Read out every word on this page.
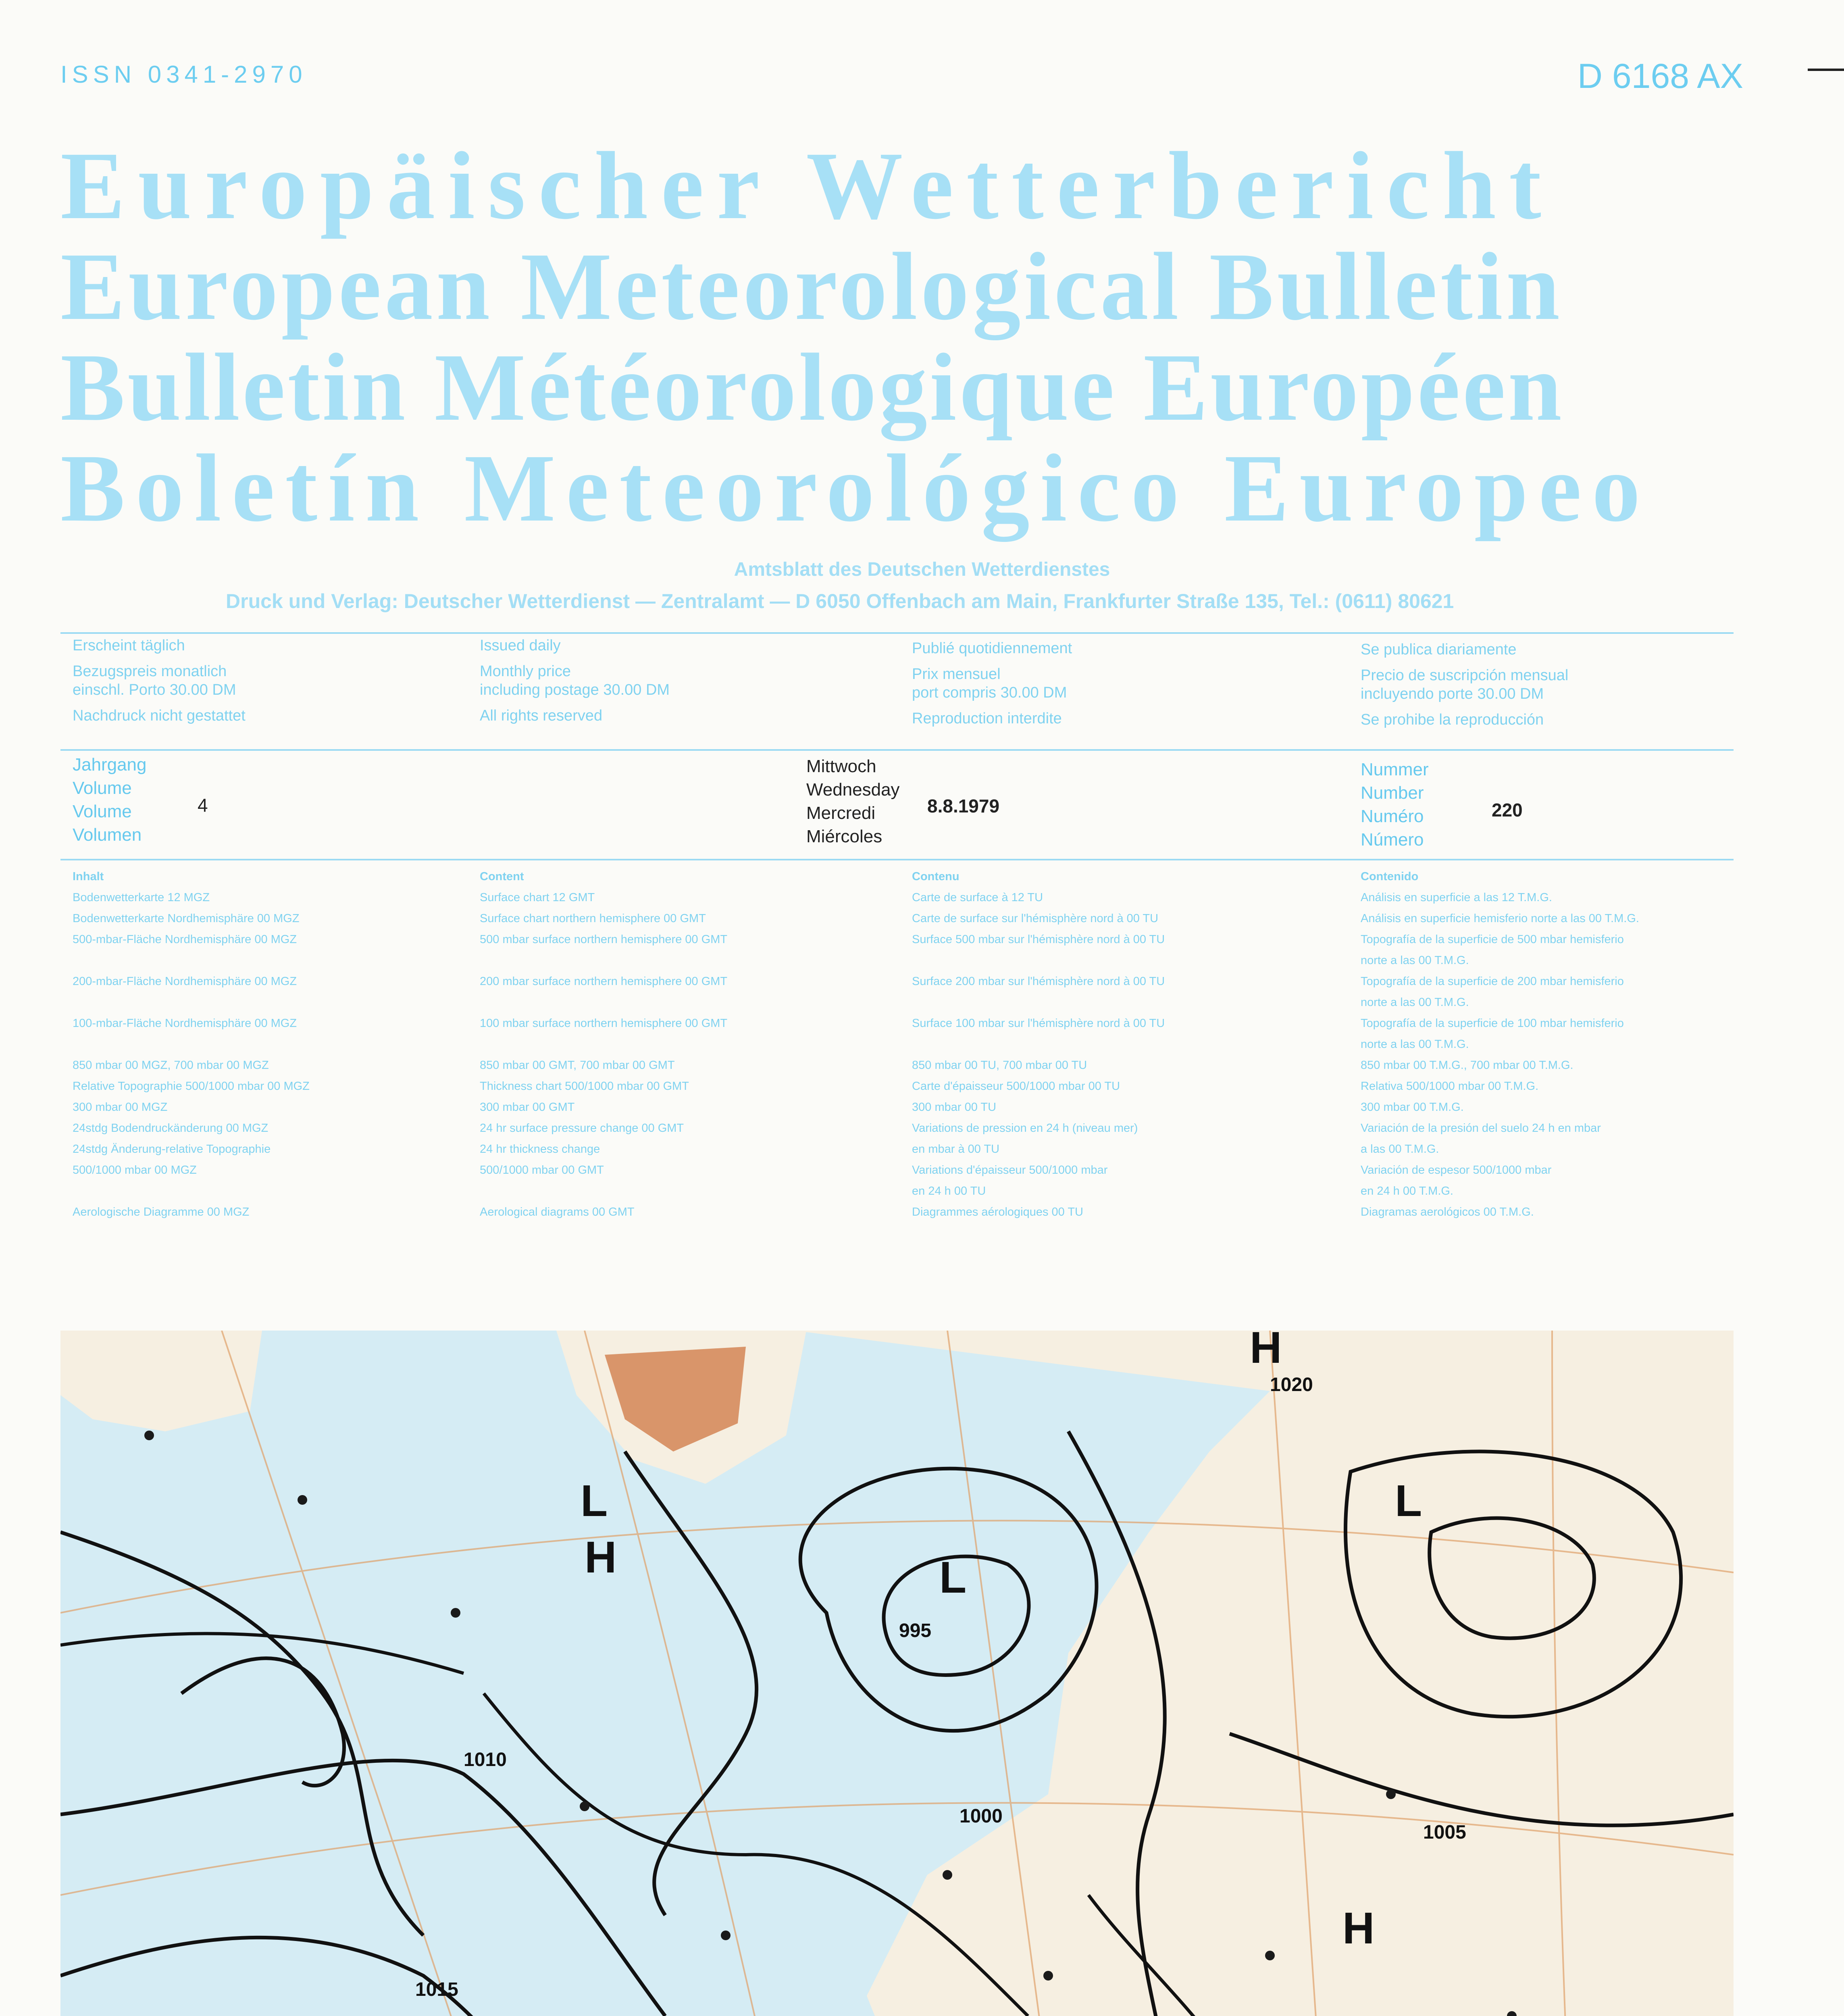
ISSN 0341-2970	D 6168 AX
Europäischer Wetterbericht
European Meteorological Bulletin
Bulletin Météorologique Européen
Boletín Meteorológico Europeo
Amtsblatt des Deutschen Wetterdienstes
Druck und Verlag: Deutscher Wetterdienst — Zentralamt — D 6050 Offenbach am Main, Frankfurter Straße 135, Tel.: (0611) 80621
Erscheint täglich
Bezugspreis monatlich
einschl. Porto 30.00 DM
Nachdruck nicht gestattet
Issued daily
Monthly price
including postage 30.00 DM
All rights reserved
Publié quotidiennement
Prix mensuel
port compris 30.00 DM
Reproduction interdite
Se publica diariamente
Precio de suscripción mensual
incluyendo porte 30.00 DM
Se prohibe la reproducción
Jahrgang
Volume
Volume
Volumen
4
Mittwoch
Wednesday
Mercredi
Miércoles
8.8.1979
Nummer
Number
Numéro
Número
220
Inhalt
Bodenwetterkarte 12 MGZ
Bodenwetterkarte Nordhemisphäre 00 MGZ
500-mbar-Fläche Nordhemisphäre 00 MGZ
200-mbar-Fläche Nordhemisphäre 00 MGZ
100-mbar-Fläche Nordhemisphäre 00 MGZ
850 mbar 00 MGZ, 700 mbar 00 MGZ
Relative Topographie 500/1000 mbar 00 MGZ
300 mbar 00 MGZ
24stdg Bodendruckänderung 00 MGZ
24stdg Änderung-relative Topographie
500/1000 mbar 00 MGZ
Aerologische Diagramme 00 MGZ
Content
Surface chart 12 GMT
Surface chart northern hemisphere 00 GMT
500 mbar surface northern hemisphere 00 GMT
200 mbar surface northern hemisphere 00 GMT
100 mbar surface northern hemisphere 00 GMT
850 mbar 00 GMT, 700 mbar 00 GMT
Thickness chart 500/1000 mbar 00 GMT
300 mbar 00 GMT
24 hr surface pressure change 00 GMT
24 hr thickness change
500/1000 mbar 00 GMT
Aerological diagrams 00 GMT
Contenu
Carte de surface à 12 TU
Carte de surface sur l'hémisphère nord à 00 TU
Surface 500 mbar sur l'hémisphère nord à 00 TU
Surface 200 mbar sur l'hémisphère nord à 00 TU
Surface 100 mbar sur l'hémisphère nord à 00 TU
850 mbar 00 TU, 700 mbar 00 TU
Carte d'épaisseur 500/1000 mbar 00 TU
300 mbar 00 TU
Variations de pression en 24 h (niveau mer)
en mbar à 00 TU
Variations d'épaisseur 500/1000 mbar
en 24 h 00 TU
Diagrammes aérologiques 00 TU
Contenido
Análisis en superficie a las 12 T.M.G.
Análisis en superficie hemisferio norte a las 00 T.M.G.
Topografía de la superficie de 500 mbar hemisferio
norte a las 00 T.M.G.
Topografía de la superficie de 200 mbar hemisferio
norte a las 00 T.M.G.
Topografía de la superficie de 100 mbar hemisferio
norte a las 00 T.M.G.
850 mbar 00 T.M.G., 700 mbar 00 T.M.G.
Relativa 500/1000 mbar 00 T.M.G.
300 mbar 00 T.M.G.
Variación de la presión del suelo 24 h en mbar
a las 00 T.M.G.
Variación de espesor 500/1000 mbar
en 24 h 00 T.M.G.
Diagramas aerológicos 00 T.M.G.
1010
1015
995
1000
1005
1020
H
H
H
L
L	L
